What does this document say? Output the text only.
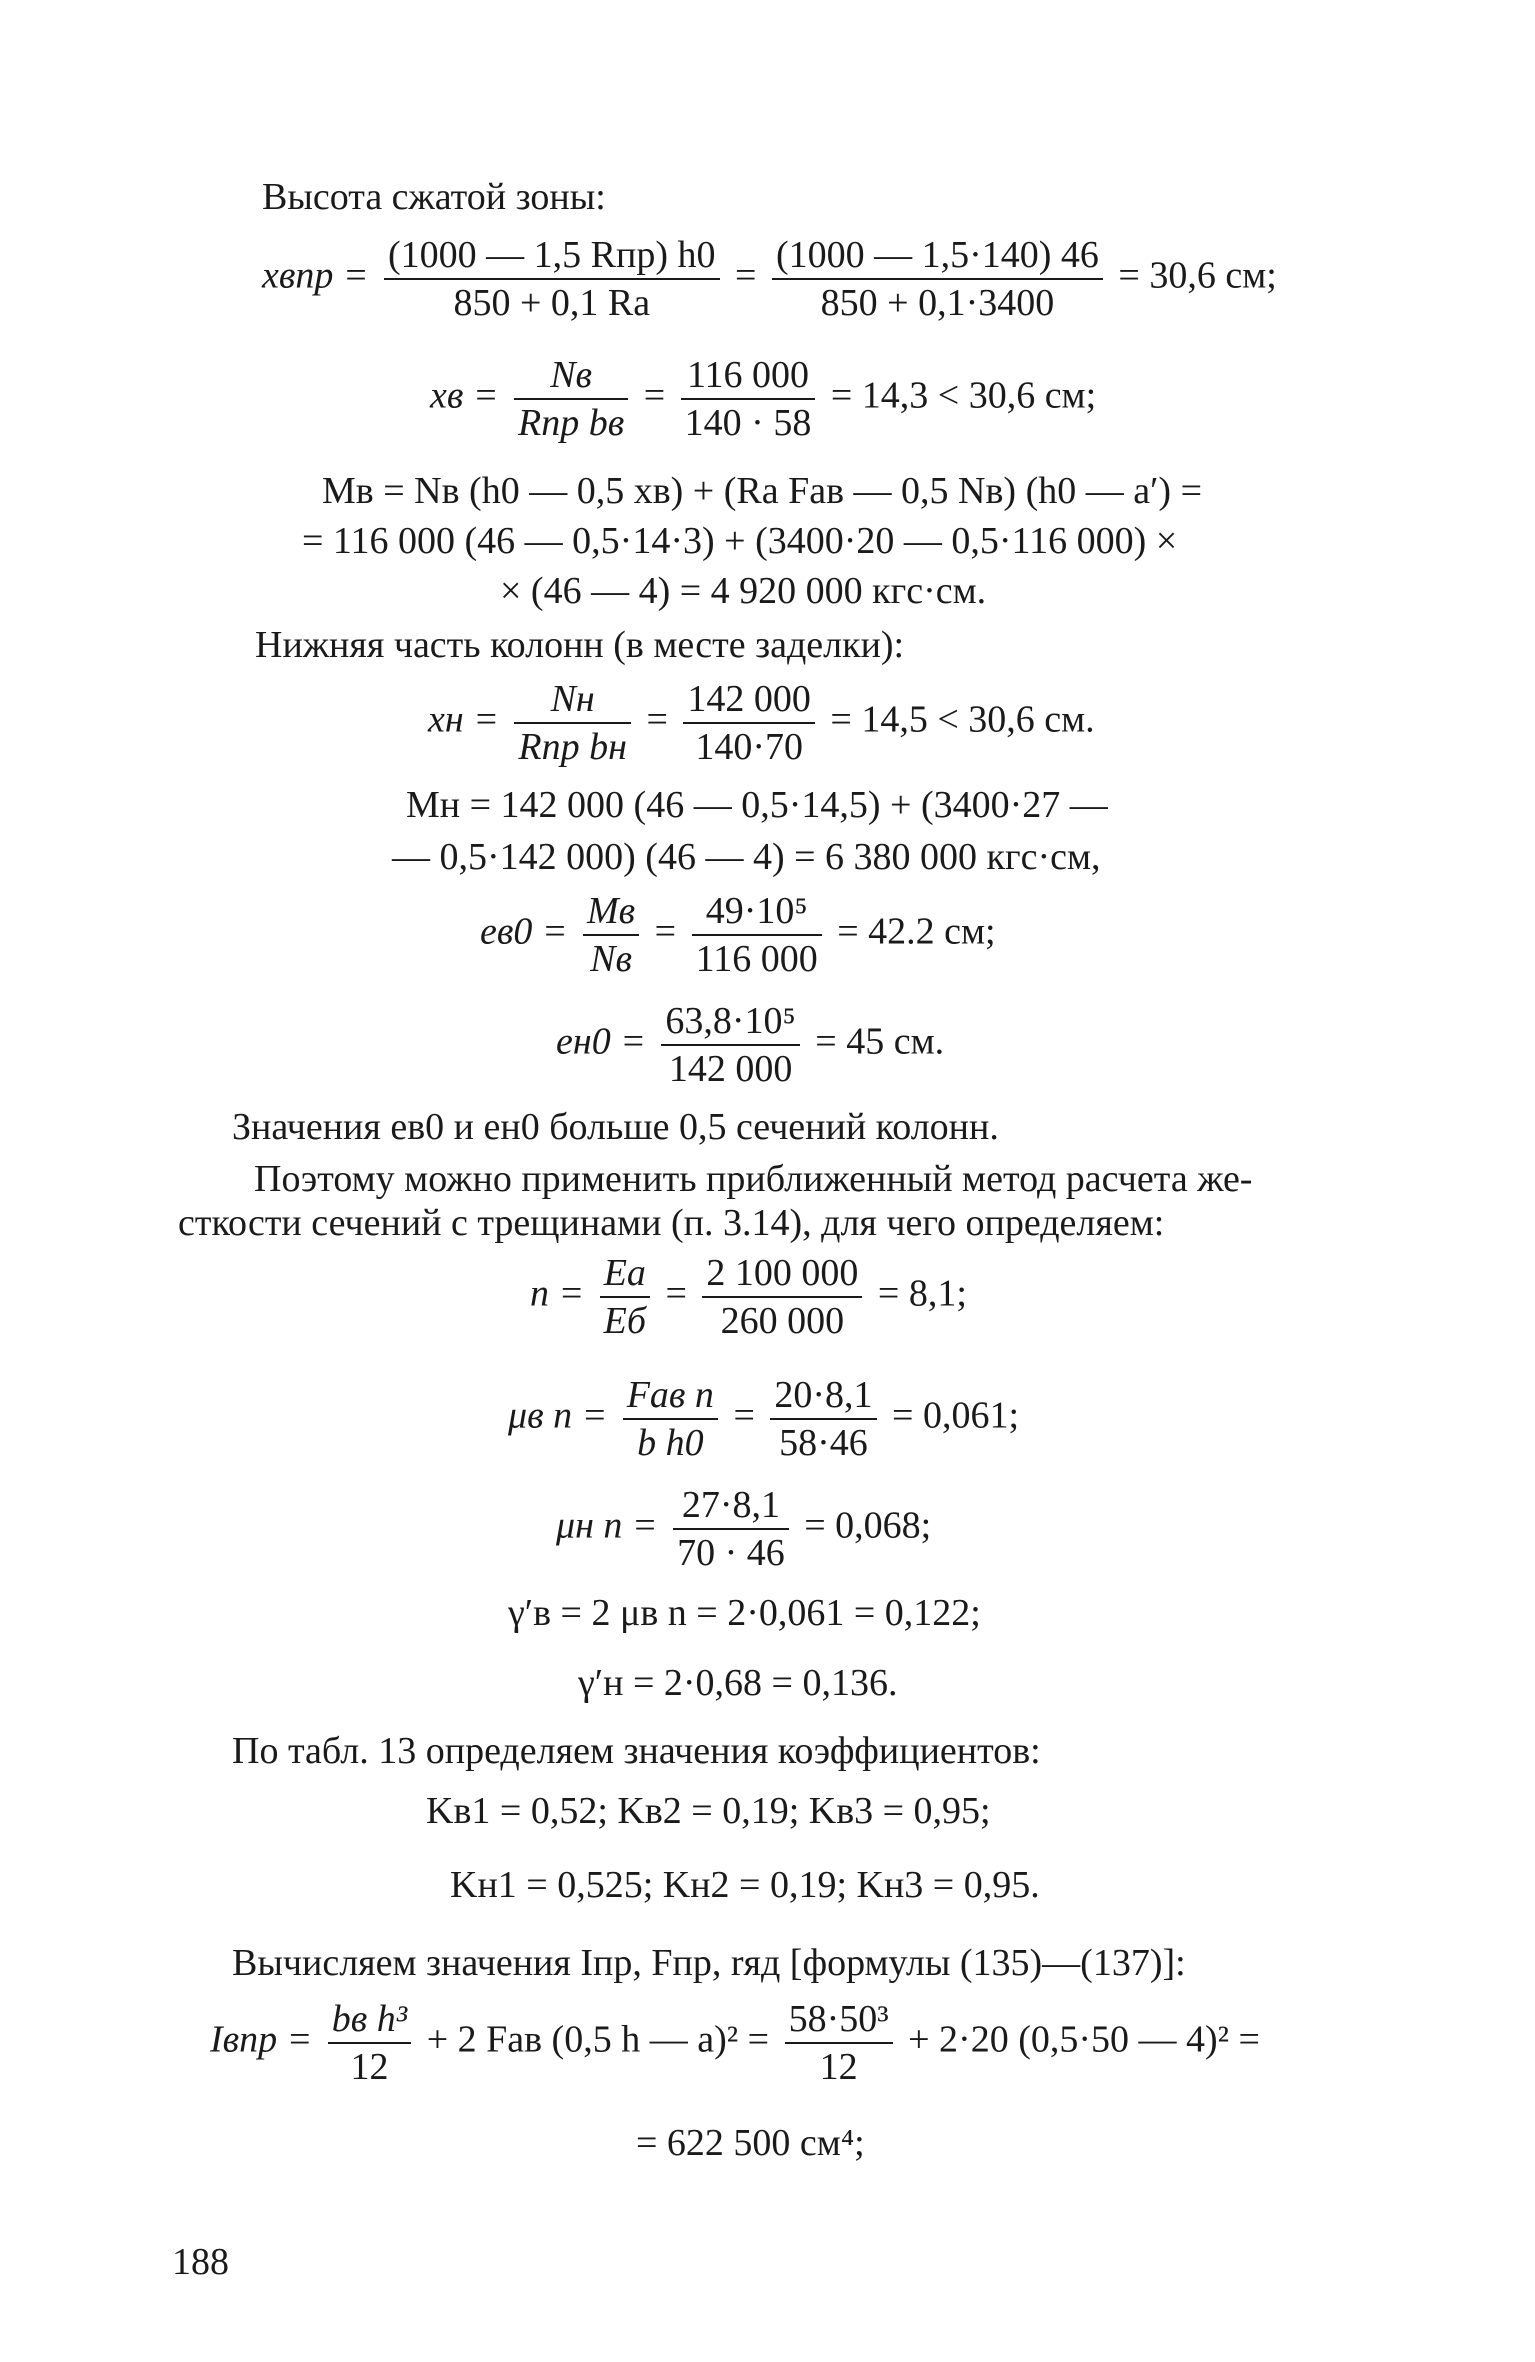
Высота сжатой зоны:
xвпр = $\frac{\text{(1000 — 1,5 Rпр) h0}}{850 + 0,1 Rа} = \frac{(1000 — 1,5\cdot 140) 46}{850 + 0,1\cdot 3400} = 30,6$ см;
xв = $\frac{Nв}{\text{Rпр bв}} = \frac{116 000}{140 \cdot 58} = 14,3 < 30,6$ см;
Mв = Nв (h0 — 0,5 xв) + (Rа Fав — 0,5 Nв) (h0 — a′) =
= 116 000 (46 — 0,5·14·3) + (3400·20 — 0,5·116 000) ×
× (46 — 4) = 4 920 000 кгс·см.
Нижняя часть колонн (в месте заделки):
xн = $\frac{Nн}{\text{Rпр bн}} = \frac{142 000}{140\cdot 70} = 14,5 < 30,6$ см.
Mн = 142 000 (46 — 0,5·14,5) + (3400·27 —
— 0,5·142 000) (46 — 4) = 6 380 000 кгс·см,
$eв0 = \frac{Mв}{Nв} = \frac{\text{49·10⁵}}{116 000} = 42.2$ см;
$eн0 = \frac{\text{63,8·10⁵}}{142 000} = 45$ см.
Значения eв0 и eн0 больше 0,5 сечений колонн.
Поэтому можно применить приближенный метод расчета же-
сткости сечений с трещинами (п. 3.14), для чего определяем:
$n = \frac{Eа}{Eб} = \frac{2 100 000}{260 000} = 8,1$;
μв $n = \frac{\text{Fав n}}{\text{b h0}} = \frac{20\cdot 8,1}{58\cdot 46} = 0,061$;
μн $n = \frac{27\cdot 8,1}{70 \cdot 46} = 0,068$;
γ′в = 2 μв n = 2·0,061 = 0,122;
γ′н = 2·0,68 = 0,136.
По табл. 13 определяем значения коэффициентов:
Kв1 = 0,52; Kв2 = 0,19; Kв3 = 0,95;
Kн1 = 0,525; Kн2 = 0,19; Kн3 = 0,95.
Вычисляем значения Iпр, Fпр, rяд [формулы (135)—(137)]:
Iвпр = $\frac{\text{bв h³}}{12} + 2$ Fав (0,5 h — $a)^2 = \frac{\text{58·50³}}{12} + 2\cdot 20$ (0,5·50 — 4)² =
= 622 500 см⁴;
188
